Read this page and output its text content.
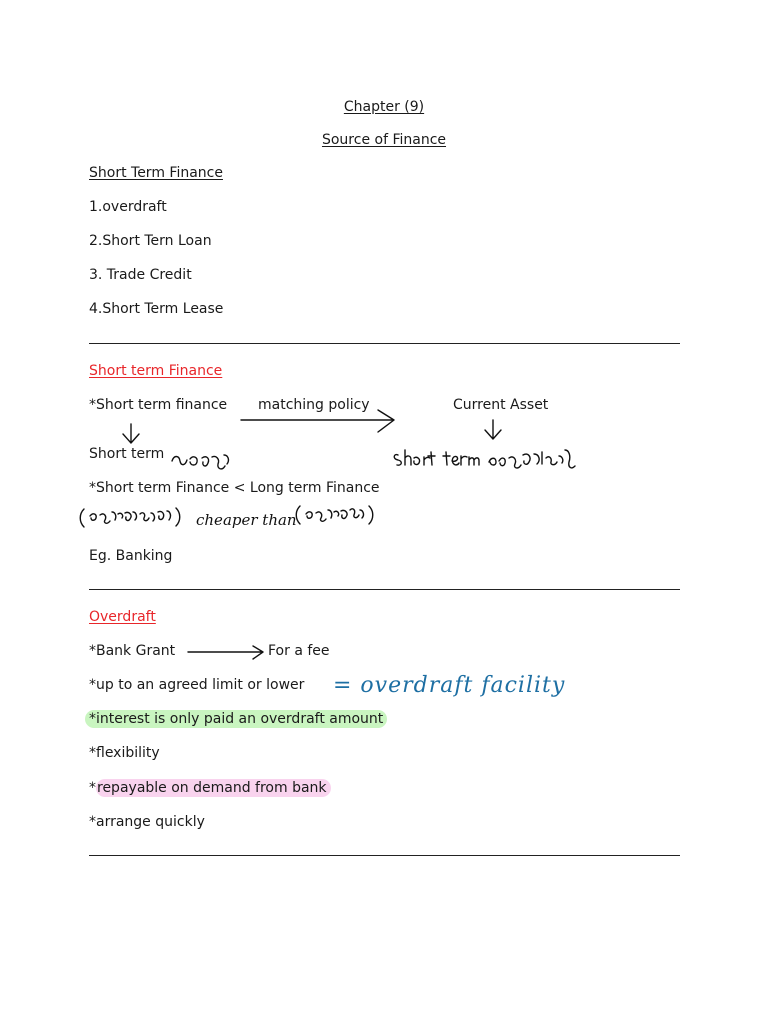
Chapter (9)
Source of Finance
Short Term Finance
1.overdraft
2.Short Tern Loan
3. Trade Credit
4.Short Term Lease
Short term Finance
*Short term finance matching policy	Current Asset
Short term
*Short term Finance < Long term Finance
Eg. Banking
Overdraft
*Bank Grant	For a fee
*up to an agreed limit or lower
*interest is only paid an overdraft amount
*flexibility
*repayable on demand from bank
*arrange quickly
cheaper than
= overdraft facility
